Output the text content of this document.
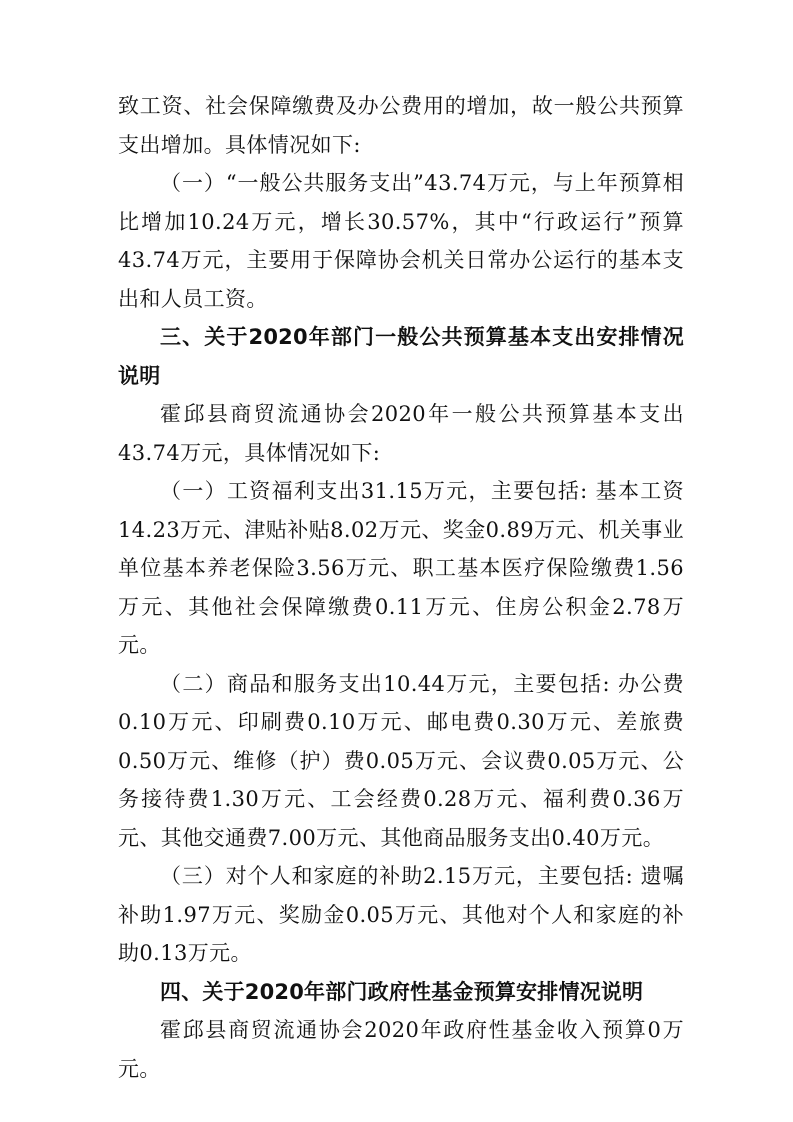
致工资、社会保障缴费及办公费用的增加，故一般公共预算支出增加。具体情况如下:

（一）“一般公共服务支出”43.74万元，与上年预算相比增加10.24万元，增长30.57%，其中“行政运行”预算43.74万元，主要用于保障协会机关日常办公运行的基本支出和人员工资。

三、关于2020年部门一般公共预算基本支出安排情况说明

霍邱县商贸流通协会2020年一般公共预算基本支出43.74万元，具体情况如下:

（一）工资福利支出31.15万元，主要包括: 基本工资14.23万元、津贴补贴8.02万元、奖金0.89万元、机关事业单位基本养老保险3.56万元、职工基本医疗保险缴费1.56万元、其他社会保障缴费0.11万元、住房公积金2.78万元。

（二）商品和服务支出10.44万元，主要包括: 办公费0.10万元、印刷费0.10万元、邮电费0.30万元、差旅费0.50万元、维修（护）费0.05万元、会议费0.05万元、公务接待费1.30万元、工会经费0.28万元、福利费0.36万元、其他交通费7.00万元、其他商品服务支出0.40万元。

（三）对个人和家庭的补助2.15万元，主要包括: 遗嘱补助1.97万元、奖励金0.05万元、其他对个人和家庭的补助0.13万元。

四、关于2020年部门政府性基金预算安排情况说明

霍邱县商贸流通协会2020年政府性基金收入预算0万元。
